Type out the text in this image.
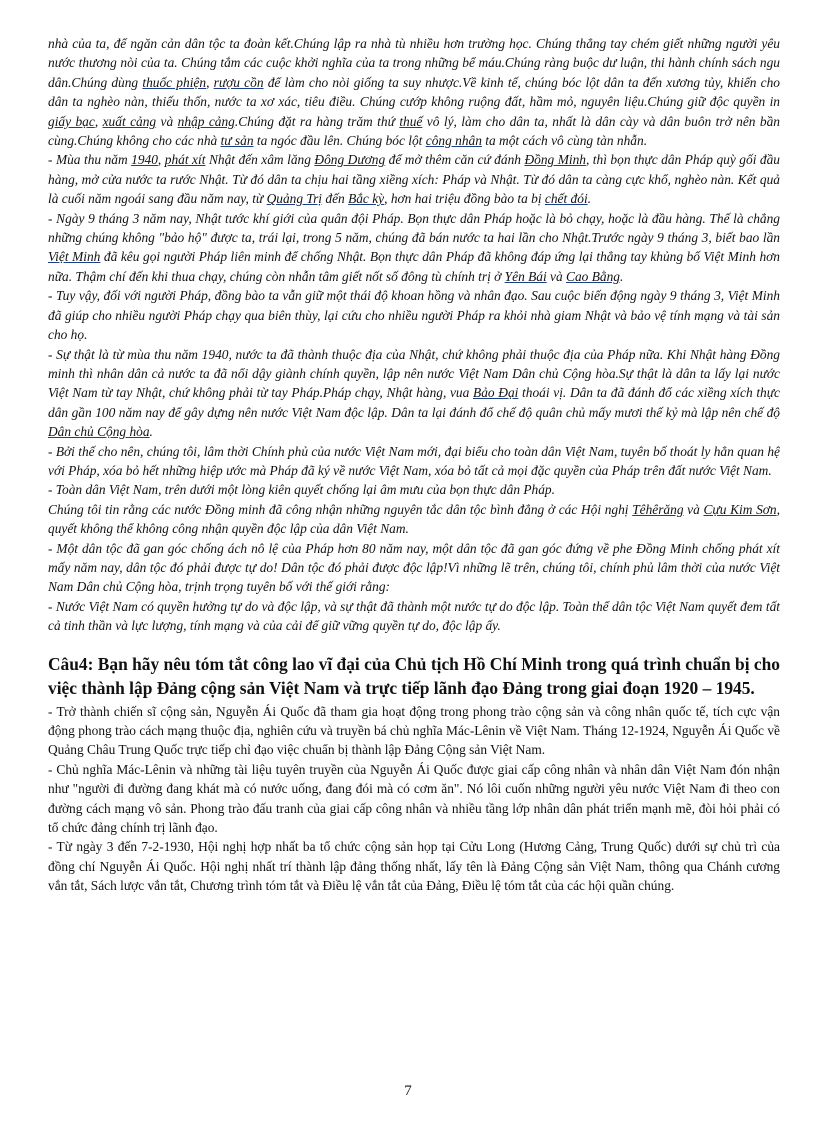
nhà của ta, để ngăn cản dân tộc ta đoàn kết.Chúng lập ra nhà tù nhiều hơn trường học. Chúng thẳng tay chém giết những người yêu nước thương nòi của ta. Chúng tắm các cuộc khởi nghĩa của ta trong những bể máu.Chúng ràng buộc dư luận, thi hành chính sách ngu dân.Chúng dùng thuốc phiện, rượu cồn để làm cho nòi giống ta suy nhược.Về kinh tế, chúng bóc lột dân ta đến xương tủy, khiến cho dân ta nghèo nàn, thiếu thốn, nước ta xơ xác, tiêu điều. Chúng cướp không ruộng đất, hầm mỏ, nguyên liệu.Chúng giữ độc quyền in giấy bạc, xuất cảng và nhập cảng.Chúng đặt ra hàng trăm thứ thuế vô lý, làm cho dân ta, nhất là dân cày và dân buôn trở nên bần cùng.Chúng không cho các nhà tư sản ta ngóc đầu lên. Chúng bóc lột công nhân ta một cách vô cùng tàn nhẫn.

- Mùa thu năm 1940, phát xít Nhật đến xâm lăng Đông Dương để mở thêm căn cứ đánh Đồng Minh, thì bọn thực dân Pháp quỳ gối đầu hàng, mở cửa nước ta rước Nhật. Từ đó dân ta chịu hai tầng xiềng xích: Pháp và Nhật. Từ đó dân ta càng cực khổ, nghèo nàn. Kết quả là cuối năm ngoái sang đầu năm nay, từ Quảng Trị đến Bắc kỳ, hơn hai triệu đồng bào ta bị chết đói.

- Ngày 9 tháng 3 năm nay, Nhật tước khí giới của quân đội Pháp. Bọn thực dân Pháp hoặc là bỏ chạy, hoặc là đầu hàng. Thế là chẳng những chúng không "bảo hộ" được ta, trái lại, trong 5 năm, chúng đã bán nước ta hai lần cho Nhật.Trước ngày 9 tháng 3, biết bao lần Việt Minh đã kêu gọi người Pháp liên minh để chống Nhật. Bọn thực dân Pháp đã không đáp ứng lại thẳng tay khủng bố Việt Minh hơn nữa. Thậm chí đến khi thua chạy, chúng còn nhẫn tâm giết nốt số đông tù chính trị ở Yên Bái và Cao Bằng.

- Tuy vậy, đối với người Pháp, đồng bào ta vẫn giữ một thái độ khoan hồng và nhân đạo. Sau cuộc biến động ngày 9 tháng 3, Việt Minh đã giúp cho nhiều người Pháp chạy qua biên thùy, lại cứu cho nhiều người Pháp ra khỏi nhà giam Nhật và bảo vệ tính mạng và tài sản cho họ.

- Sự thật là từ mùa thu năm 1940, nước ta đã thành thuộc địa của Nhật, chứ không phải thuộc địa của Pháp nữa. Khi Nhật hàng Đồng minh thì nhân dân cả nước ta đã nổi dậy giành chính quyền, lập nên nước Việt Nam Dân chủ Cộng hòa.Sự thật là dân ta lấy lại nước Việt Nam từ tay Nhật, chứ không phải từ tay Pháp.Pháp chạy, Nhật hàng, vua Bảo Đại thoái vị. Dân ta đã đánh đổ các xiềng xích thực dân gần 100 năm nay để gây dựng nên nước Việt Nam độc lập. Dân ta lại đánh đổ chế độ quân chủ mấy mươi thế kỷ mà lập nên chế độ Dân chủ Cộng hòa.

- Bởi thế cho nên, chúng tôi, lâm thời Chính phủ của nước Việt Nam mới, đại biểu cho toàn dân Việt Nam, tuyên bố thoát ly hẳn quan hệ với Pháp, xóa bỏ hết những hiệp ước mà Pháp đã ký về nước Việt Nam, xóa bỏ tất cả mọi đặc quyền của Pháp trên đất nước Việt Nam.

- Toàn dân Việt Nam, trên dưới một lòng kiên quyết chống lại âm mưu của bọn thực dân Pháp.

Chúng tôi tin rằng các nước Đồng minh đã công nhận những nguyên tắc dân tộc bình đẳng ở các Hội nghị Têhêrăng và Cựu Kim Sơn, quyết không thể không công nhận quyền độc lập của dân Việt Nam.

- Một dân tộc đã gan góc chống ách nô lệ của Pháp hơn 80 năm nay, một dân tộc đã gan góc đứng về phe Đồng Minh chống phát xít mấy năm nay, dân tộc đó phải được tự do! Dân tộc đó phải được độc lập!Vì những lẽ trên, chúng tôi, chính phủ lâm thời của nước Việt Nam Dân chủ Cộng hòa, trịnh trọng tuyên bố với thế giới rằng:

- Nước Việt Nam có quyền hưởng tự do và độc lập, và sự thật đã thành một nước tự do độc lập. Toàn thể dân tộc Việt Nam quyết đem tất cả tinh thần và lực lượng, tính mạng và của cải để giữ vững quyền tự do, độc lập ấy.

Câu4: Bạn hãy nêu tóm tắt công lao vĩ đại của Chủ tịch Hồ Chí Minh trong quá trình chuẩn bị cho việc thành lập Đảng cộng sản Việt Nam và trực tiếp lãnh đạo Đảng trong giai đoạn 1920 – 1945.

- Trở thành chiến sĩ cộng sản, Nguyễn Ái Quốc đã tham gia hoạt động trong phong trào cộng sản và công nhân quốc tế, tích cực vận động phong trào cách mạng thuộc địa, nghiên cứu và truyền bá chủ nghĩa Mác-Lênin về Việt Nam. Tháng 12-1924, Nguyễn Ái Quốc về Quảng Châu Trung Quốc trực tiếp chỉ đạo việc chuẩn bị thành lập Đảng Cộng sản Việt Nam.

- Chủ nghĩa Mác-Lênin và những tài liệu tuyên truyền của Nguyễn Ái Quốc được giai cấp công nhân và nhân dân Việt Nam đón nhận như "người đi đường đang khát mà có nước uống, đang đói mà có cơm ăn". Nó lôi cuốn những người yêu nước Việt Nam đi theo con đường cách mạng vô sản. Phong trào đấu tranh của giai cấp công nhân và nhiều tầng lớp nhân dân phát triển mạnh mẽ, đòi hỏi phải có tổ chức đảng chính trị lãnh đạo.

- Từ ngày 3 đến 7-2-1930, Hội nghị hợp nhất ba tổ chức cộng sản họp tại Cửu Long (Hương Cảng, Trung Quốc) dưới sự chủ trì của đồng chí Nguyễn Ái Quốc. Hội nghị nhất trí thành lập đảng thống nhất, lấy tên là Đảng Cộng sản Việt Nam, thông qua Chánh cương vắn tắt, Sách lược vắn tắt, Chương trình tóm tắt và Điều lệ vắn tắt của Đảng, Điều lệ tóm tắt của các hội quần chúng.

7
